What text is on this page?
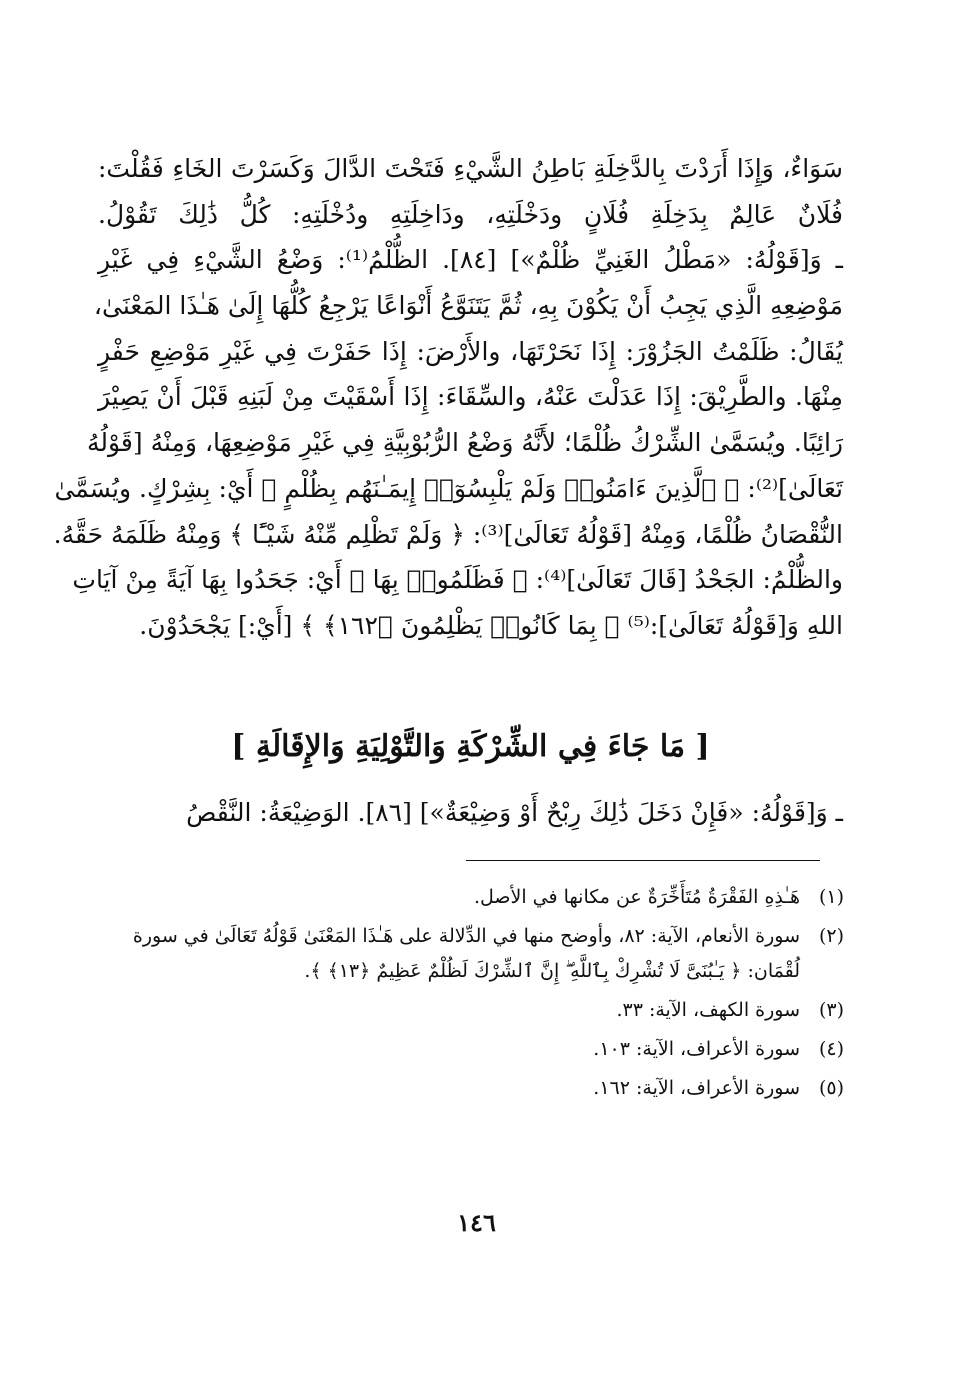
سَوَاءٌ، وَإِذَا أَرَدْتَ بِالدَّخِلَةِ بَاطِنُ الشَّيْءِ فَتَحْتَ الدَّالَ وَكَسَرْتَ الخَاءِ فَقُلْتَ:
فُلَانٌ عَالِمٌ بِدَخِلَةِ فُلَانٍ ودَخْلَتِهِ، ودَاخِلَتِهِ ودُخْلَتِهِ: كُلُّ ذَٰلِكَ تَقُوْلُ.
ـ وَ[قَوْلُهُ: «مَطْلُ الغَنِيِّ ظُلْمٌ»] [٨٤]. الظُّلْمُ⁽¹⁾: وَضْعُ الشَّيْءِ فِي غَيْرِ
مَوْضِعِهِ الَّذِي يَجِبُ أَنْ يَكُوْنَ بِهِ، ثُمَّ يَتَنَوَّعُ أَنْوَاعًا يَرْجِعُ كُلُّهَا إِلَىٰ هَـٰذَا المَعْنَىٰ،
يُقَالُ: ظَلَمْتُ الجَزُوْرَ: إِذَا نَحَرْتَهَا، والأَرْضَ: إِذَا حَفَرْتَ فِي غَيْرِ مَوْضِعِ حَفْرٍ
مِنْهَا. والطَّرِيْقَ: إِذَا عَدَلْتَ عَنْهُ، والسِّقَاءَ: إِذَا أَسْقَيْتَ مِنْ لَبَنِهِ قَبْلَ أَنْ يَصِيْرَ
رَائِبًا. ويُسَمَّىٰ الشِّرْكُ ظُلْمًا؛ لأَنَّهُ وَضْعُ الرُّبُوْبِيَّةِ فِي غَيْرِ مَوْضِعِهَا، وَمِنْهُ [قَوْلُهُ
تَعَالَىٰ]⁽²⁾: ﴿ ٱلَّذِينَ ءَامَنُوا۟ وَلَمْ يَلْبِسُوٓا۟ إِيمَـٰنَهُم بِظُلْمٍ ﴾ أَيْ: بِشِرْكٍ. ويُسَمَّىٰ
النُّقْصَانُ ظُلْمًا، وَمِنْهُ [قَوْلُهُ تَعَالَىٰ]⁽³⁾: ﴿ وَلَمْ تَظْلِم مِّنْهُ شَيْـًٔا ﴾ وَمِنْهُ ظَلَمَهُ حَقَّهُ.
والظُّلْمُ: الجَحْدُ [قَالَ تَعَالَىٰ]⁽⁴⁾: ﴿ فَظَلَمُوا۟ بِهَا ﴾ أَيْ: جَحَدُوا بِهَا آيَةً مِنْ آيَاتِ
اللهِ وَ[قَوْلُهُ تَعَالَىٰ]:⁽⁵⁾ ﴿ بِمَا كَانُوا۟ يَظْلِمُونَ ﴿١٦٢﴾ ﴾ [أَيْ:] يَجْحَدُوْنَ.
[ مَا جَاءَ فِي الشِّرْكَةِ وَالتَّوْلِيَةِ وَالإِقَالَةِ ]
ـ وَ[قَوْلُهُ: «فَإِنْ دَخَلَ ذَٰلِكَ رِبْحٌ أَوْ وَضِيْعَةٌ»] [٨٦]. الوَضِيْعَةُ: النَّقْصُ
(١)
هَـٰذِهِ الفَقْرَةُ مُتَأَخِّرَةٌ عن مكانها في الأصل.
(٢)
سورة الأنعام، الآية: ٨٢، وأوضح منها في الدِّلالة على هَـٰذَا المَعْنَىٰ قَوْلُهُ تَعَالَىٰ في سورة لُقْمَان: ﴿ يَـٰبُنَىَّ لَا تُشْرِكْ بِٱللَّهِ ۖ إِنَّ ٱلشِّرْكَ لَظُلْمٌ عَظِيمٌ ﴿١٣﴾ ﴾.
(٣)
سورة الكهف، الآية: ٣٣.
(٤)
سورة الأعراف، الآية: ١٠٣.
(٥)
سورة الأعراف، الآية: ١٦٢.
١٤٦
